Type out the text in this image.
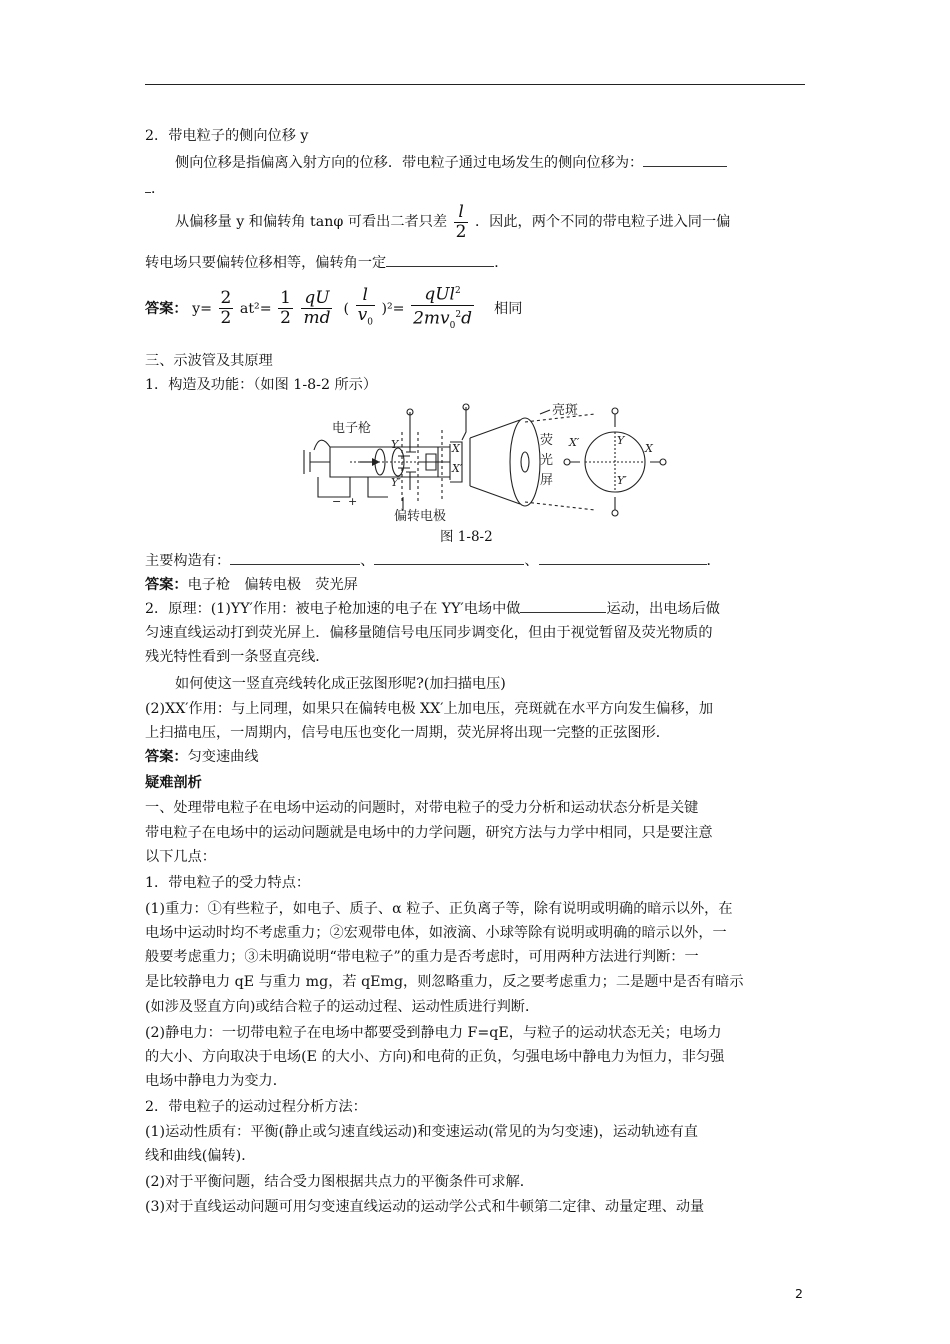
2．带电粒子的侧向位移 y
侧向位移是指偏离入射方向的位移．带电粒子通过电场发生的侧向位移为：
．
从偏移量 y 和偏转角 tanφ 可看出二者只差 $\frac{l}{2}$ ．因此，两个不同的带电粒子进入同一偏
转电场只要偏转位移相等，偏转角一定	．
答案： $y= \frac{2}{2} at^2= \frac{1}{2}$
$\frac{qU}{md}$ ( $\frac{l}{v_0} )^2= \frac{qUl^2}{2mv_0^2d}$ 相同
三、示波管及其原理
1．构造及功能：（如图 1-8-2 所示）
电子枪
亮斑
荧
光
屏
偏转电极
− +
Y
Y′
X
X′
Y
Y′
X′	X
图 1-8-2
主要构造有：	、	、	．
答案：电子枪　偏转电极　荧光屏
2．原理：(1)YY′作用：被电子枪加速的电子在 YY′电场中做	运动，出电场后做
匀速直线运动打到荧光屏上．偏移量随信号电压同步调变化，但由于视觉暂留及荧光物质的
残光特性看到一条竖直亮线．
如何使这一竖直亮线转化成正弦图形呢?(加扫描电压)
(2)XX′作用：与上同理，如果只在偏转电极 XX′上加电压，亮斑就在水平方向发生偏移，加
上扫描电压，一周期内，信号电压也变化一周期，荧光屏将出现一完整的正弦图形．
答案：匀变速曲线
疑难剖析
一、处理带电粒子在电场中运动的问题时，对带电粒子的受力分析和运动状态分析是关键
带电粒子在电场中的运动问题就是电场中的力学问题，研究方法与力学中相同，只是要注意
以下几点：
1．带电粒子的受力特点：
(1)重力：①有些粒子，如电子、质子、α 粒子、正负离子等，除有说明或明确的暗示以外，在
电场中运动时均不考虑重力；②宏观带电体，如液滴、小球等除有说明或明确的暗示以外，一
般要考虑重力；③未明确说明“带电粒子”的重力是否考虑时，可用两种方法进行判断：一
是比较静电力 qE 与重力 mg，若 qEmg，则忽略重力，反之要考虑重力；二是题中是否有暗示
(如涉及竖直方向)或结合粒子的运动过程、运动性质进行判断．
(2)静电力：一切带电粒子在电场中都要受到静电力 F=qE，与粒子的运动状态无关；电场力
的大小、方向取决于电场(E 的大小、方向)和电荷的正负，匀强电场中静电力为恒力，非匀强
电场中静电力为变力．
2．带电粒子的运动过程分析方法：
(1)运动性质有：平衡(静止或匀速直线运动)和变速运动(常见的为匀变速)，运动轨迹有直
线和曲线(偏转)．
(2)对于平衡问题，结合受力图根据共点力的平衡条件可求解．
(3)对于直线运动问题可用匀变速直线运动的运动学公式和牛顿第二定律、动量定理、动量
2
